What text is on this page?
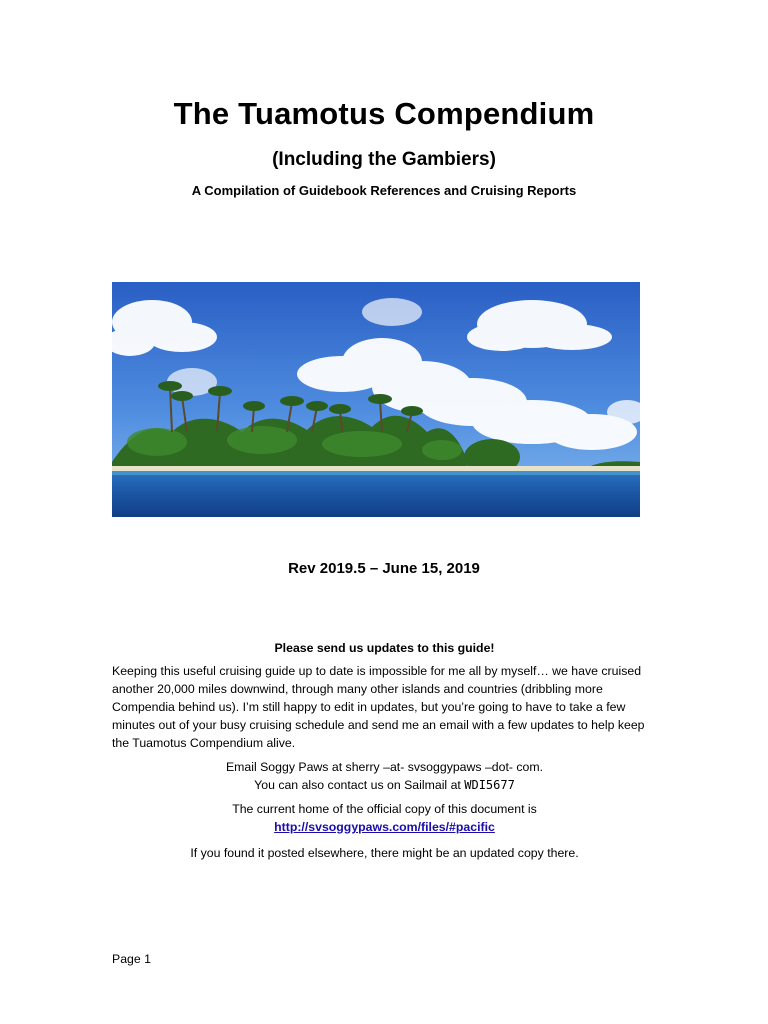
The Tuamotus Compendium
(Including the Gambiers)
A Compilation of Guidebook References and Cruising Reports
Rev 2019.5 – June 15, 2019
Please send us updates to this guide!
Keeping this useful cruising guide up to date is impossible for me all by myself… we have cruised another 20,000 miles downwind, through many other islands and countries (dribbling more Compendia behind us). I’m still happy to edit in updates, but you’re going to have to take a few minutes out of your busy cruising schedule and send me an email with a few updates to help keep the Tuamotus Compendium alive.
Email Soggy Paws at sherry –at- svsoggypaws –dot- com.
You can also contact us on Sailmail at WDI5677
The current home of the official copy of this document is
http://svsoggypaws.com/files/#pacific
If you found it posted elsewhere, there might be an updated copy there.
Page 1
